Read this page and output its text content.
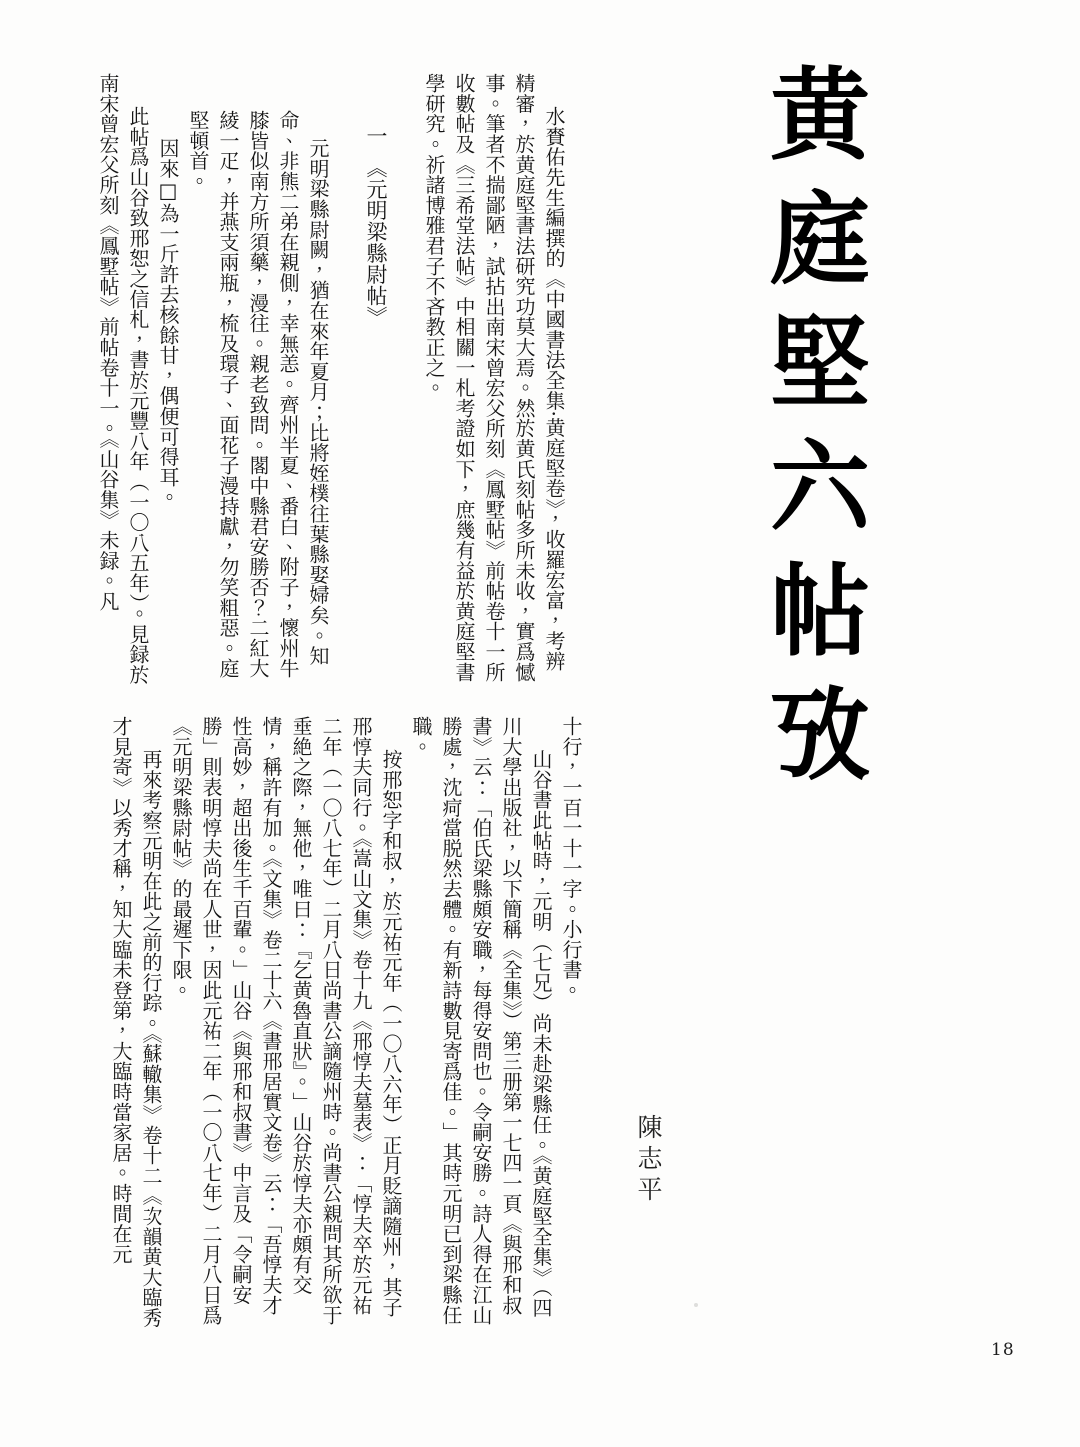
黄庭堅六帖攷

水賚佑先生編撰的《中國書法全集·黄庭堅卷》，收羅宏富，考辨精審，於黄庭堅書法研究功莫大焉。然於黄氏刻帖多所未收，實爲憾事。筆者不揣鄙陋，試拈出南宋曾宏父所刻《鳳墅帖》前帖卷十一所收數帖及《三希堂法帖》中相關一札考證如下，庶幾有益於黄庭堅書學研究。祈諸博雅君子不吝教正之。

一　《元明梁縣尉帖》

元明梁縣尉闕，猶在來年夏月；比將姪樸往葉縣娶婦矣。知命、非熊二弟在親側，幸無恙。齊州半夏、番白、附子，懷州牛膝皆似南方所須藥，漫往。親老致問。閣中縣君安勝否？二紅大綾一疋，并燕支兩瓶，梳及環子、面花子漫持獻，勿笑粗惡。庭堅頓首。

因來□為一斤許去核餘甘，偶便可得耳。

此帖爲山谷致邢恕之信札，書於元豐八年（一〇八五年）。見録於南宋曾宏父所刻《鳳墅帖》前帖卷十一。《山谷集》未録。凡

十行，一百一十一字。小行書。

山谷書此帖時，元明（七兄）尚未赴梁縣任。《黄庭堅全集》（四川大學出版社，以下簡稱《全集》）第三册第一七四一頁《與邢和叔書》云：「伯氏梁縣頗安職，每得安問也。令嗣安勝。詩人得在江山勝處，沈疴當脱然去體。有新詩數見寄爲佳。」其時元明已到梁縣任職。

按邢恕字和叔，於元祐元年（一〇八六年）正月貶謫隨州，其子邢惇夫同行。《嵩山文集》卷十九《邢惇夫墓表》：「惇夫卒於元祐二年（一〇八七年）二月八日尚書公謫隨州時。尚書公親問其所欲于垂絶之際，無他，唯曰：『乞黄魯直狀』。」山谷於惇夫亦頗有交情，稱許有加。《文集》卷二十六《書邢居實文卷》云：「吾惇夫才性高妙，超出後生千百輩。」山谷《與邢和叔書》中言及「令嗣安勝」則表明惇夫尚在人世，因此元祐二年（一〇八七年）二月八日爲《元明梁縣尉帖》的最遲下限。

再來考察元明在此之前的行踪。《蘇轍集》卷十二《次韻黄大臨秀才見寄》以秀才稱，知大臨未登第，大臨時當家居。時間在元	陳志平
18
